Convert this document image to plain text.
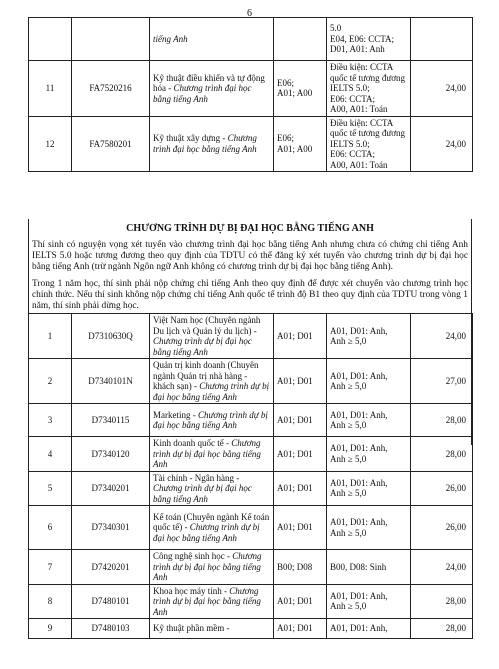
6
		tiếng Anh		5.0
E04, E06: CCTA;
D01, A01: Anh	
11	FA7520216	Kỹ thuật điều khiển và tự động hóa - Chương trình đại học bằng tiếng Anh	E06;
A01; A00	Điều kiện: CCTA quốc tế tương đương IELTS 5.0;
E06: CCTA;
A00, A01: Toán	24,00
12	FA7580201	Kỹ thuật xây dựng - Chương trình đại học bằng tiếng Anh	E06;
A01; A00	Điều kiện: CCTA quốc tế tương đương IELTS 5.0;
E06: CCTA;
A00, A01: Toán	24,00
CHƯƠNG TRÌNH DỰ BỊ ĐẠI HỌC BẰNG TIẾNG ANH
Thí sinh có nguyện vọng xét tuyển vào chương trình đại học bằng tiếng Anh nhưng chưa có chứng chỉ tiếng Anh IELTS 5.0 hoặc tương đương theo quy định của TDTU có thể đăng ký xét tuyển vào chương trình dự bị đại học bằng tiếng Anh (trừ ngành Ngôn ngữ Anh không có chương trình dự bị đại học bằng tiếng Anh).
Trong 1 năm học, thí sinh phải nộp chứng chỉ tiếng Anh theo quy định để được xét chuyển vào chương trình học chính thức. Nếu thí sinh không nộp chứng chỉ tiếng Anh quốc tế trình độ B1 theo quy định của TDTU trong vòng 1 năm, thí sinh phải dừng học.
1	D7310630Q	Việt Nam học (Chuyên ngành Du lịch và Quản lý du lịch) - Chương trình dự bị đại học bằng tiếng Anh	A01; D01	A01, D01: Anh,
Anh ≥ 5,0	24,00
2	D7340101N	Quản trị kinh doanh (Chuyên ngành Quản trị nhà hàng - khách sạn) - Chương trình dự bị đại học bằng tiếng Anh	A01; D01	A01, D01: Anh,
Anh ≥ 5,0	27,00
3	D7340115	Marketing - Chương trình dự bị đại học bằng tiếng Anh	A01; D01	A01, D01: Anh,
Anh ≥ 5,0	28,00
4	D7340120	Kinh doanh quốc tế - Chương trình dự bị đại học bằng tiếng Anh	A01; D01	A01, D01: Anh,
Anh ≥ 5,0	28,00
5	D7340201	Tài chính - Ngân hàng - Chương trình dự bị đại học bằng tiếng Anh	A01; D01	A01, D01: Anh,
Anh ≥ 5,0	26,00
6	D7340301	Kế toán (Chuyên ngành Kế toán quốc tế) - Chương trình dự bị đại học bằng tiếng Anh	A01; D01	A01, D01: Anh,
Anh ≥ 5,0	26,00
7	D7420201	Công nghệ sinh học - Chương trình dự bị đại học bằng tiếng Anh	B00; D08	B00, D08: Sinh	24,00
8	D7480101	Khoa học máy tính - Chương trình dự bị đại học bằng tiếng Anh	A01; D01	A01, D01: Anh,
Anh ≥ 5,0	28,00
9	D7480103	Kỹ thuật phần mềm -	A01; D01	A01, D01: Anh,	28,00
